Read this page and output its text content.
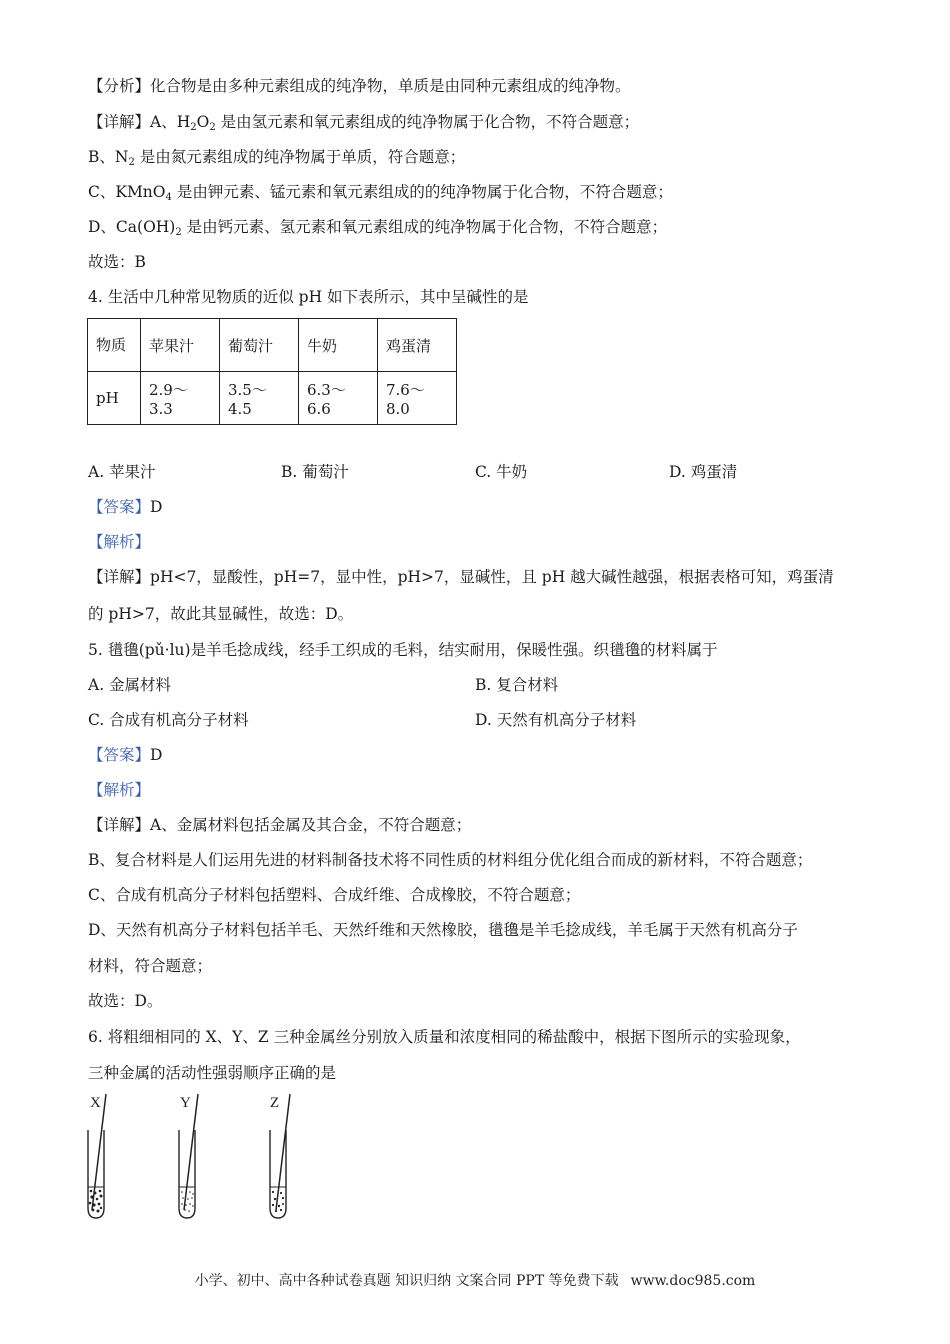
【分析】化合物是由多种元素组成的纯净物，单质是由同种元素组成的纯净物。
【详解】A、$H_2O_2$ 是由氢元素和氧元素组成的纯净物属于化合物，不符合题意；
B、$N_2$ 是由氮元素组成的纯净物属于单质，符合题意；
C、KMnO$_4$ 是由钾元素、锰元素和氧元素组成的的纯净物属于化合物，不符合题意；
D、$Ca(OH)_2$ 是由钙元素、氢元素和氧元素组成的纯净物属于化合物，不符合题意；
故选：B
4. 生活中几种常见物质的近似 pH 如下表所示，其中呈碱性的是
物质	苹果汁	葡萄汁	牛奶	鸡蛋清
pH	2.9～3.3	3.5～4.5	6.3～6.6	7.6～8.0
A. 苹果汁	B. 葡萄汁	C. 牛奶	D. 鸡蛋清
【答案】D
【解析】
【详解】pH<7，显酸性，pH=7，显中性，pH>7，显碱性，且 pH 越大碱性越强，根据表格可知，鸡蛋清
的 pH>7，故此其显碱性，故选：D。
5. 氆氇(pǔ·lu)是羊毛捻成线，经手工织成的毛料，结实耐用，保暖性强。织氆氇的材料属于
A. 金属材料	B. 复合材料
C. 合成有机高分子材料	D. 天然有机高分子材料
【答案】D
【解析】
【详解】A、金属材料包括金属及其合金，不符合题意；
B、复合材料是人们运用先进的材料制备技术将不同性质的材料组分优化组合而成的新材料，不符合题意；
C、合成有机高分子材料包括塑料、合成纤维、合成橡胶，不符合题意；
D、天然有机高分子材料包括羊毛、天然纤维和天然橡胶，氆氇是羊毛捻成线，羊毛属于天然有机高分子
材料，符合题意；
故选：D。
6. 将粗细相同的 X、Y、Z 三种金属丝分别放入质量和浓度相同的稀盐酸中，根据下图所示的实验现象，
三种金属的活动性强弱顺序正确的是
X	Y	Z
小学、初中、高中各种试卷真题 知识归纳 文案合同 PPT 等免费下载 www.doc985.com
